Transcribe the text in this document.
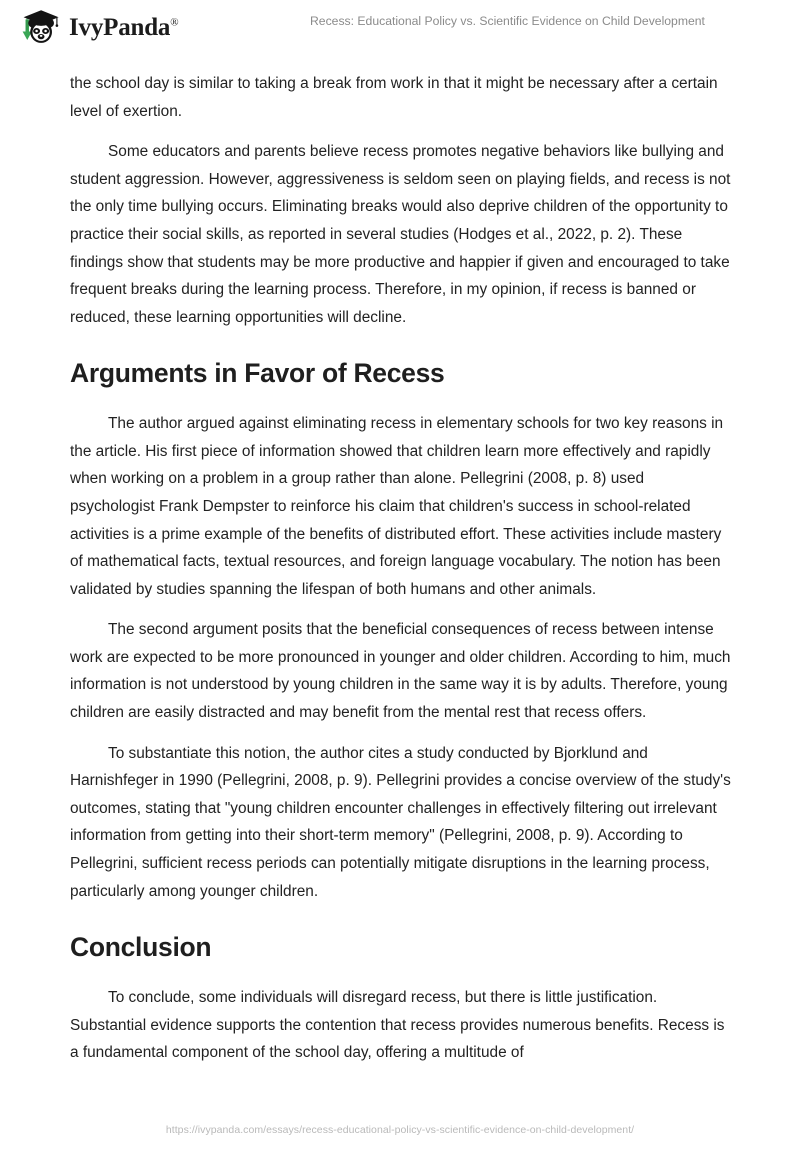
IvyPanda®	Recess: Educational Policy vs. Scientific Evidence on Child Development

the school day is similar to taking a break from work in that it might be necessary after a certain level of exertion.

Some educators and parents believe recess promotes negative behaviors like bullying and student aggression. However, aggressiveness is seldom seen on playing fields, and recess is not the only time bullying occurs. Eliminating breaks would also deprive children of the opportunity to practice their social skills, as reported in several studies (Hodges et al., 2022, p. 2). These findings show that students may be more productive and happier if given and encouraged to take frequent breaks during the learning process. Therefore, in my opinion, if recess is banned or reduced, these learning opportunities will decline.

Arguments in Favor of Recess

The author argued against eliminating recess in elementary schools for two key reasons in the article. His first piece of information showed that children learn more effectively and rapidly when working on a problem in a group rather than alone. Pellegrini (2008, p. 8) used psychologist Frank Dempster to reinforce his claim that children's success in school-related activities is a prime example of the benefits of distributed effort. These activities include mastery of mathematical facts, textual resources, and foreign language vocabulary. The notion has been validated by studies spanning the lifespan of both humans and other animals.

The second argument posits that the beneficial consequences of recess between intense work are expected to be more pronounced in younger and older children. According to him, much information is not understood by young children in the same way it is by adults. Therefore, young children are easily distracted and may benefit from the mental rest that recess offers.

To substantiate this notion, the author cites a study conducted by Bjorklund and Harnishfeger in 1990 (Pellegrini, 2008, p. 9). Pellegrini provides a concise overview of the study's outcomes, stating that "young children encounter challenges in effectively filtering out irrelevant information from getting into their short-term memory" (Pellegrini, 2008, p. 9). According to Pellegrini, sufficient recess periods can potentially mitigate disruptions in the learning process, particularly among younger children.

Conclusion

To conclude, some individuals will disregard recess, but there is little justification. Substantial evidence supports the contention that recess provides numerous benefits. Recess is a fundamental component of the school day, offering a multitude of

https://ivypanda.com/essays/recess-educational-policy-vs-scientific-evidence-on-child-development/
